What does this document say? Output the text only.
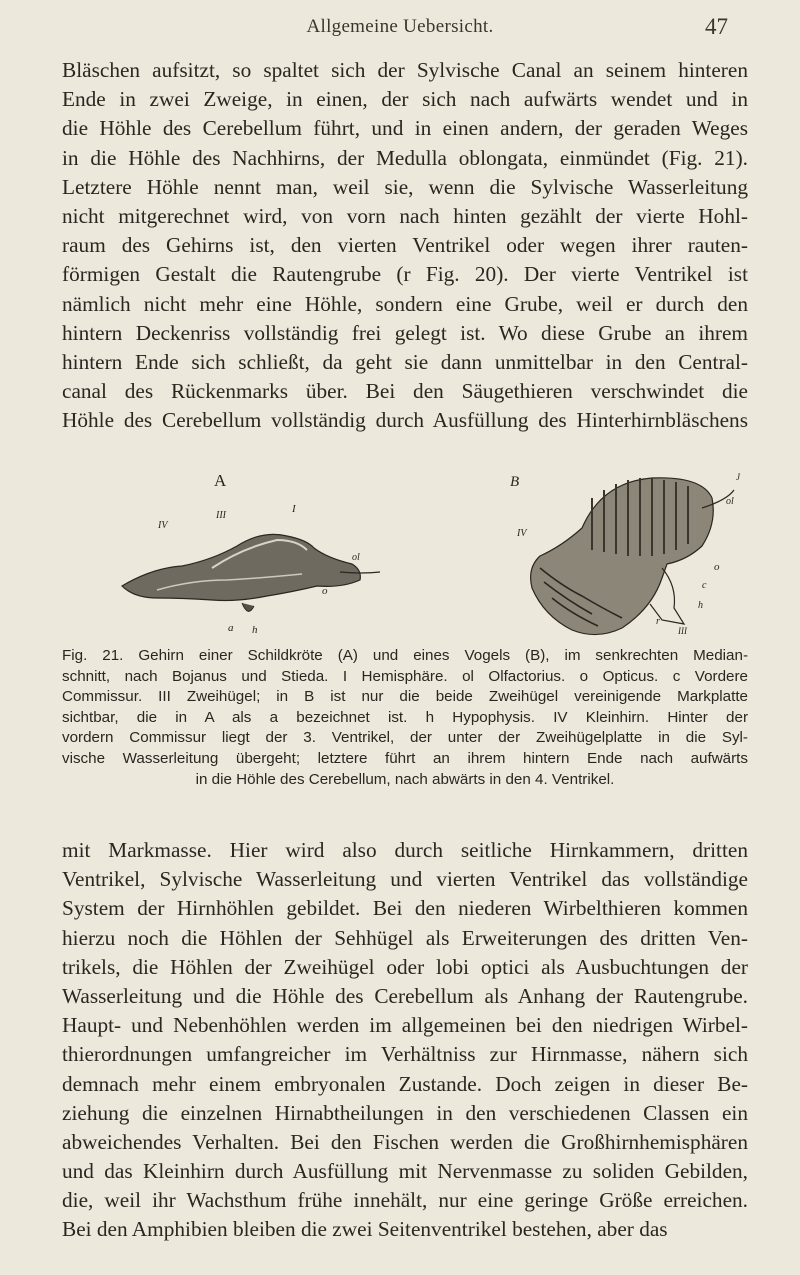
Allgemeine Uebersicht.	47
Bläschen aufsitzt, so spaltet sich der Sylvische Canal an seinem hinteren
Ende in zwei Zweige, in einen, der sich nach aufwärts wendet und in
die Höhle des Cerebellum führt, und in einen andern, der geraden Weges
in die Höhle des Nachhirns, der Medulla oblongata, einmündet (Fig. 21).
Letztere Höhle nennt man, weil sie, wenn die Sylvische Wasserleitung
nicht mitgerechnet wird, von vorn nach hinten gezählt der vierte Hohl-
raum des Gehirns ist, den vierten Ventrikel oder wegen ihrer rauten-
förmigen Gestalt die Rautengrube (r Fig. 20). Der vierte Ventrikel ist
nämlich nicht mehr eine Höhle, sondern eine Grube, weil er durch den
hintern Deckenriss vollständig frei gelegt ist. Wo diese Grube an ihrem
hintern Ende sich schließt, da geht sie dann unmittelbar in den Central-
canal des Rückenmarks über. Bei den Säugethieren verschwindet die
Höhle des Cerebellum vollständig durch Ausfüllung des Hinterhirnbläschens
A
III
I
IV
ol
o
a h
B	J
ol
IV
o
c
h
r
III
Fig. 21. Gehirn einer Schildkröte (A) und eines Vogels (B), im senkrechten Median-
schnitt, nach Bojanus und Stieda. I Hemisphäre. ol Olfactorius. o Opticus. c Vordere
Commissur. III Zweihügel; in B ist nur die beide Zweihügel vereinigende Markplatte
sichtbar, die in A als a bezeichnet ist. h Hypophysis. IV Kleinhirn. Hinter der
vordern Commissur liegt der 3. Ventrikel, der unter der Zweihügelplatte in die Syl-
vische Wasserleitung übergeht; letztere führt an ihrem hintern Ende nach aufwärts
in die Höhle des Cerebellum, nach abwärts in den 4. Ventrikel.
mit Markmasse. Hier wird also durch seitliche Hirnkammern, dritten
Ventrikel, Sylvische Wasserleitung und vierten Ventrikel das vollständige
System der Hirnhöhlen gebildet. Bei den niederen Wirbelthieren kommen
hierzu noch die Höhlen der Sehhügel als Erweiterungen des dritten Ven-
trikels, die Höhlen der Zweihügel oder lobi optici als Ausbuchtungen der
Wasserleitung und die Höhle des Cerebellum als Anhang der Rautengrube.
Haupt- und Nebenhöhlen werden im allgemeinen bei den niedrigen Wirbel-
thierordnungen umfangreicher im Verhältniss zur Hirnmasse, nähern sich
demnach mehr einem embryonalen Zustande. Doch zeigen in dieser Be-
ziehung die einzelnen Hirnabtheilungen in den verschiedenen Classen ein
abweichendes Verhalten. Bei den Fischen werden die Großhirnhemisphären
und das Kleinhirn durch Ausfüllung mit Nervenmasse zu soliden Gebilden,
die, weil ihr Wachsthum frühe innehält, nur eine geringe Größe erreichen.
Bei den Amphibien bleiben die zwei Seitenventrikel bestehen, aber das
